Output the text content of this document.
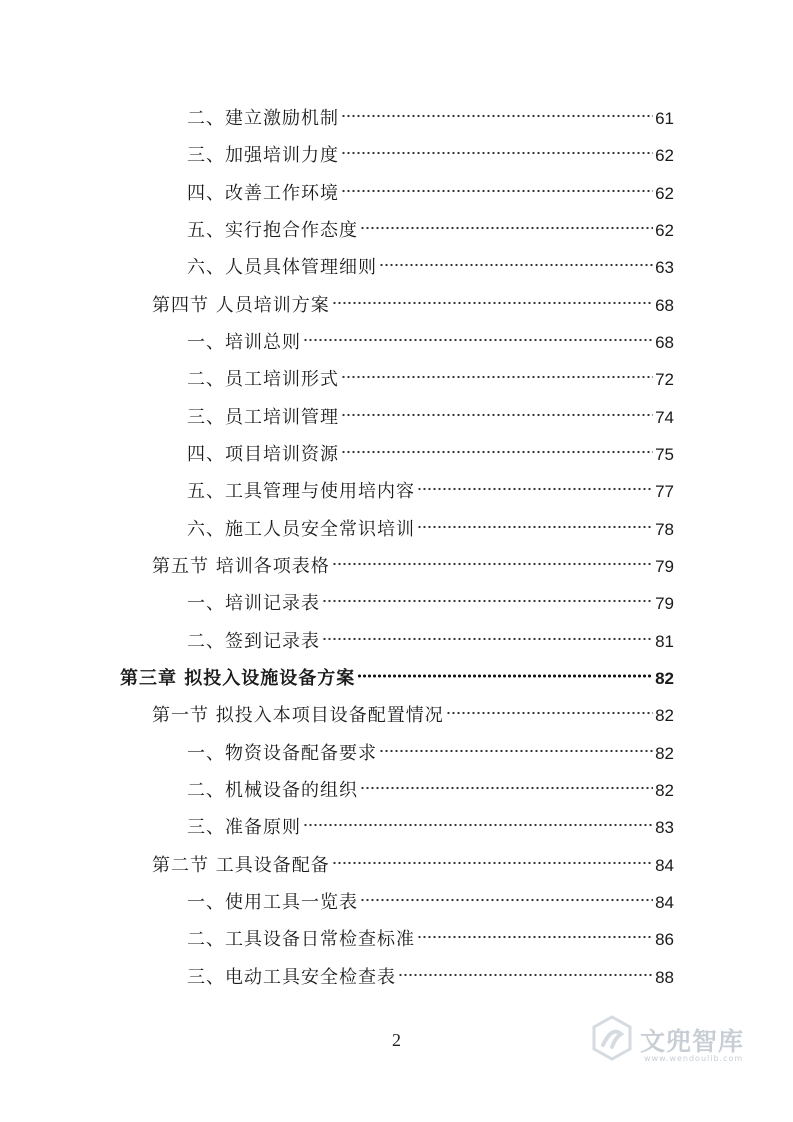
二、建立激励机制	61
三、加强培训力度	62
四、改善工作环境	62
五、实行抱合作态度	62
六、人员具体管理细则	63
第四节 人员培训方案	68
一、培训总则	68
二、员工培训形式	72
三、员工培训管理	74
四、项目培训资源	75
五、工具管理与使用培内容	77
六、施工人员安全常识培训	78
第五节 培训各项表格	79
一、培训记录表	79
二、签到记录表	81
第三章 拟投入设施设备方案	82
第一节 拟投入本项目设备配置情况	82
一、物资设备配备要求	82
二、机械设备的组织	82
三、准备原则	83
第二节 工具设备配备	84
一、使用工具一览表	84
二、工具设备日常检查标准	86
三、电动工具安全检查表	88
2	文兜智库
www.wendoulib.com
